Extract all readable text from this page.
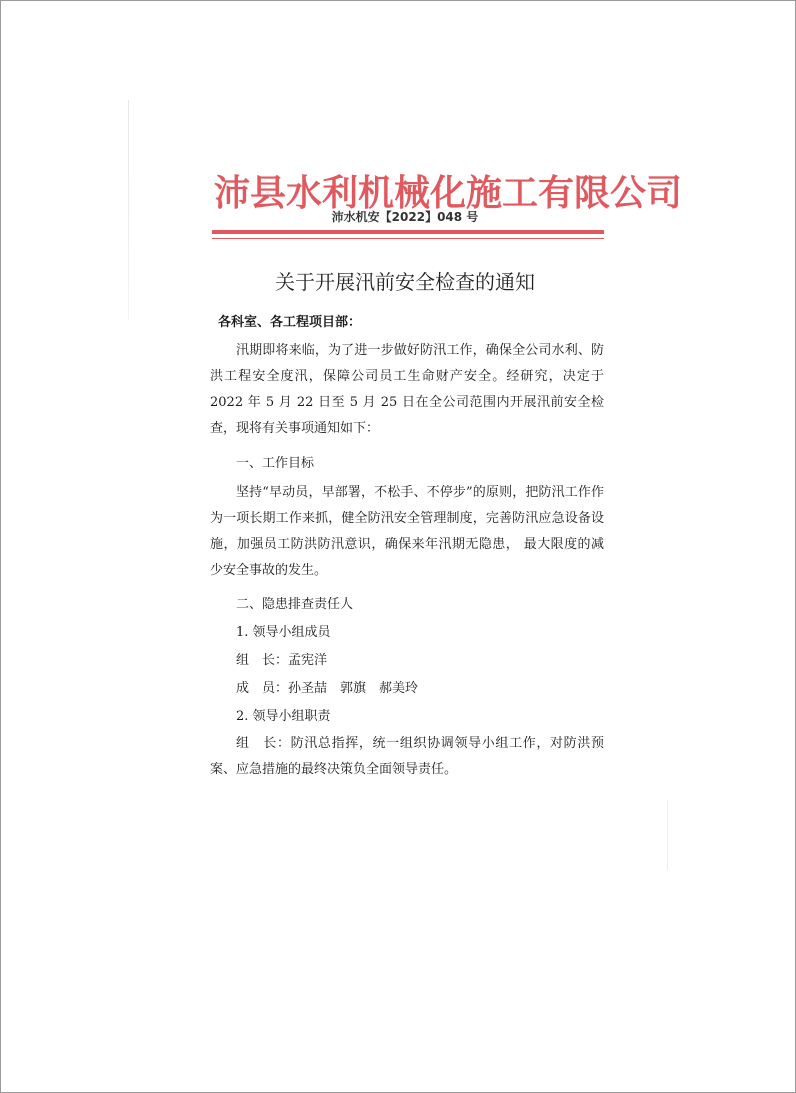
沛县水利机械化施工有限公司
沛水机安【2022】048 号
关于开展汛前安全检查的通知
各科室、各工程项目部：
汛期即将来临，为了进一步做好防汛工作，确保全公司水利、防洪工程安全度汛，保障公司员工生命财产安全。经研究，决定于 2022 年 5 月 22 日至 5 月 25 日在全公司范围内开展汛前安全检查，现将有关事项通知如下：
一、工作目标
坚持“早动员，早部署，不松手、不停步”的原则，把防汛工作作为一项长期工作来抓，健全防汛安全管理制度，完善防汛应急设备设施，加强员工防洪防汛意识，确保来年汛期无隐患， 最大限度的减少安全事故的发生。
二、隐患排查责任人
1. 领导小组成员
组　长：孟宪洋
成　员：孙圣喆　郭旗　郝美玲
2. 领导小组职责
组　长：防汛总指挥，统一组织协调领导小组工作，对防洪预案、应急措施的最终决策负全面领导责任。
